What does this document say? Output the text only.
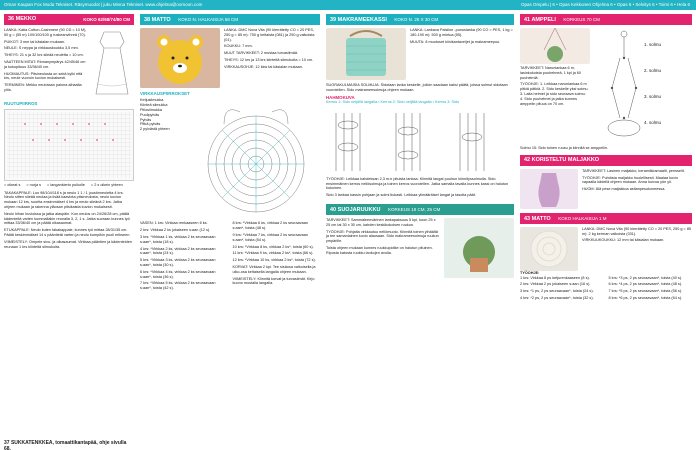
Oman Kaupan Fox Moda Tekniset. Räsymuodot | juku Minna Tekniset. www.ohjelma@oomoon.com	Opas Ompelu | 6 • Opas Kekkonen Ohjelma 6 • Opas 6 • Selvitys 6 • Toimi 6 • Hela 6
36 MEKKO	KOKO 62/68/74/80 CM

LANKA: Katia Cotton-Cashmere (90 CD = 10 M), 50 g = (55 m) 100/100/100 g ruskeanvihreä (70).

PUIKOT: 3 mm tai käsialan mukaan.

NEULE: S neppa ja virkkauskoukku 3,5 mm.

TIHEYS: 21 s ja 32 krs sileää neuletta = 10 cm.

VAATTEEN MITAT: Rinnanympärys 42/45/46 cm ja kokopituus 33/36/40 cm.

HUOMAUTUS: Pitsineulosta on sekä kylki että krs, neule vuoroin kuvion mukaisesti.

TERMINEN: Mekko neulotaan palona alhaalta ylös.

RUUTUPIIRROS
= oikeat s = nurja s = langankierto puikolle = 2 s oikein yhteen

TAKAKAPPALE: Luo 98/104/118 s ja neulo 1 1 / 1 joustinneuletta 4 krs. Neulo sitten sileää neulaa ja lisää kaaviota pitsineulosta, neulo kuvion mukaan 12 krs, suorita ensimmäiset 4 krs ja neulo sileänä 2 krs. Jatka ohjeen mukaan ja rakenna yläosan pitsikaista kuvion mukaisesti.

Neulo hihan kuvioissa ja jatka alaspäin. Kun neulos on 24/26/28 cm, päätä kädenteitä varten kummallakin reunalla 3, 2, 1 s. Jatka suoraan kunnes työ mittaa 33/36/40 cm ja päätä olkasaumat.

ETUKAPPALE: Neulo kuten takakappale, kunnes työ mittaa 28/31/35 cm. Päätä keskimmäiset 14 s pääntietä varten ja neulo kumpikin puoli erikseen.

VIIMEISTELY: Ompele sivu- ja olkasaumat. Virkkaa pääntien ja kädenteiden reunaan 1 krs kiinteitä silmukoita.

37 SUKKATENKKEA, tomaattikantapää, ohje sivulla 68.
38 MATTO KOKO N. HALKAISIJA 58 CM

LANKA: DMC Nova Vita (90 kierrätetty CO = 20 PES, 250 g = 85 m): 750 g keltaista (081) ja 250 g valkoista (01).

KOUKKU: 7 mm.

MUUT TARVIKKEET: 2 mustaa turvasilmää.

TIHEYS: 12 krs ja 13 krs kiinteitä silmukoita = 10 cm.

VIRKKAUSOHJE: 12 kkw tai käsialan mukaan.

VIRKKAUSPIIRROKSET
Ketjusilmukka
Kiinteä silmukka
Piilosilmukka
Puolipylväs
Pylväs
Pitkä pylväs
2 pylvästä yhteen

VASEN: 1 krs: Virkkaa renkaaseen 6 ks.

2 krs: Virkkaa 2 ks jokaiseen s:aan (12 s).

3 krs: *Virkkaa 1 ks, virkkaa 2 ks seuraavaan s:aan*, toista (18 s).

4 krs: *Virkkaa 2 ks, virkkaa 2 ks seuraavaan s:aan*, toista (24 s).

5 krs: *Virkkaa 3 ks, virkkaa 2 ks seuraavaan s:aan*, toista (30 s).

6 krs: *Virkkaa 4 ks, virkkaa 2 ks seuraavaan s:aan*, toista (36 s).

7 krs: *Virkkaa 5 ks, virkkaa 2 ks seuraavaan s:aan*, toista (42 s).

8 krs: *Virkkaa 6 ks, virkkaa 2 ks seuraavaan s:aan*, toista (48 s).

9 krs: *Virkkaa 7 ks, virkkaa 2 ks seuraavaan s:aan*, toista (54 s).

10 krs: *Virkkaa 8 ks, virkkaa 2 ks*, toista (60 s).

11 krs: *Virkkaa 9 ks, virkkaa 2 ks*, toista (66 s).

12 krs: *Virkkaa 10 ks, virkkaa 2 ks*, toista (72 s).

KORVAT: Virkkaa 2 kpl. Tee sisäosa valkoisella ja ulko-osa keltaisella langalla ohjeen mukaan.

VIIMEISTELY: Kiinnitä korvat ja turvasilmät. Kirjo kuono mustalla langalla.

39 MAKRAMEEKASSI KOKO N. 25 X 30 CM

LANKA: Lankava Paisilne -punoslanka (90 CO = PES, 1 kg = 180-190 m): 500 g mintua (55).

MUUTA: 8 muotoset kiinikantaveljet ja makrameepuu.

SUORAKULMAISIA SOLMUJA: Sidotaan lanka keskelle, jolloin saadaan kaksi päätä, joissa solmut sidotaan vuorotellen. Sido makrameesolmuja ohjeen mukaan.

HAHMOKUVA
Kerros 1: Sido neljällä langalla • Kerros 2: Sido neljällä langalla • Kerros 3: Sido

TYÖOHJE: Leikkaa kahdeksan 2,3 m:n pituista lankaa. Kiinnitä langat puuhun kiinnityssolmulla. Sido ensimmäinen kerros neliösolmuja ja toinen kerros vuorotellen. Jatka samalla tavalla kunnes kassi on halutun kokoinen.

Sido 3 lankaa kassin pohjaan ja solmi tiukasti. Leikkaa ylimääräiset langat ja tasoita päät.

40 SUOJARUUKKU KORKEUS 18 CM, 25 CM

TARVIKKEET: Sammaleenvärinen lankapaksuus 5 kpl, koon 25 x 25 cm tai 30 x 30 cm, kahden keskikokoisen ruukun.

TYÖOHJE: Pohjalta virkkautuu neliömuoto. Kiinnitä toinen ylhäältä ja tee samanlainen kuvio alaosaan. Sido makrameesolmuja ruukun ympärille.

Toista ohjeen mukaan kunnes ruukkupidike on halutun pituinen. Ripusta katosta ruukku lankojen avulla.

41 AMPPELI KORKEUS 70 CM

TARVIKKEET: Narunlankaa 6 m, lasinkokoista puuhelmeä, 1 kpl ja 60 puuhelmiä.

TYÖOHJE: 1. Leikkaa narunlankaa 6 m pitkiä pätkiä. 2. Sido keskelle yksi solmu. 3. Laita helmet ja sido seuraava solmu. 4. Sido puuhelmet ja jatka kunnes amppelin pituus on 70 cm.

1. solmu
2. solmu
3. solmu
4. solmu

Solmu 15: Sido toinen ruusu ja kiinnitä se amppeliin.

42 KORISTELTU MALJAKKO

TARVIKKEET: Lasinen maljakko, keramiikkamaalit, pensselit.

TYÖOHJE: Puhdista maljakko huolellisesti. Maalaa kuvio vapaalla kädellä ohjeen mukaan. Anna kuivua yön yli.

HUOM: Älä pese maljakkoa astianpesukoneessa.

43 MATTO KOKO HALKAISIJA 1 M

LANKA: DMC Nova Vita (90 kierrätetty CO = 20 PES, 250 g = 85 m): 2 kg kerman valkoista (031).

VIRKKUUKOUKKU: 12 mm tai käsialan mukaan.

TYÖOHJE:

1 krs: Virkkaa 8 ps ketjurenkaaseen (8 s).

2 krs: Virkkaa 2 ps jokaiseen s:aan (16 s).

3 krs: *1 ps, 2 ps seuraavaan*, toista (24 s).

4 krs: *2 ps, 2 ps seuraavaan*, toista (32 s).

5 krs: *3 ps, 2 ps seuraavaan*, toista (40 s).

6 krs: *4 ps, 2 ps seuraavaan*, toista (48 s).

7 krs: *5 ps, 2 ps seuraavaan*, toista (56 s).

8 krs: *6 ps, 2 ps seuraavaan*, toista (64 s).
